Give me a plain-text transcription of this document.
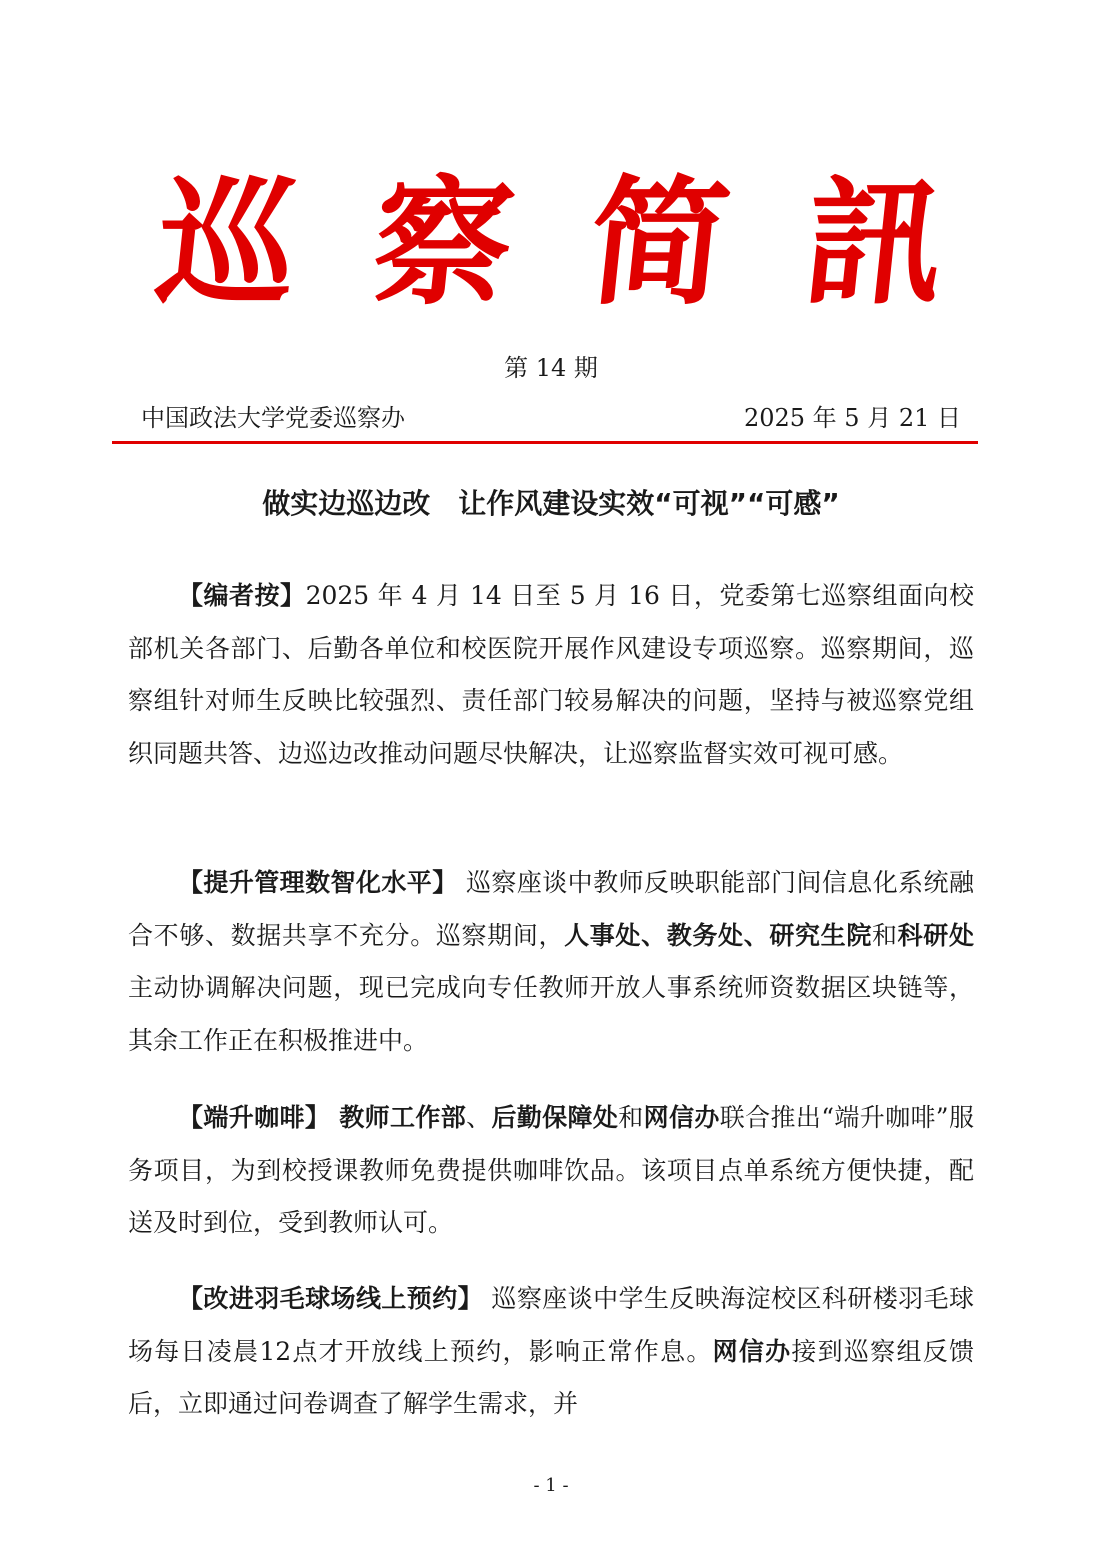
巡 察 简 訊
第 14 期
中国政法大学党委巡察办	2025 年 5 月 21 日
做实边巡边改　让作风建设实效“可视”“可感”

【编者按】2025 年 4 月 14 日至 5 月 16 日，党委第七巡察组面向校部机关各部门、后勤各单位和校医院开展作风建设专项巡察。巡察期间，巡察组针对师生反映比较强烈、责任部门较易解决的问题，坚持与被巡察党组织同题共答、边巡边改推动问题尽快解决，让巡察监督实效可视可感。

【提升管理数智化水平】 巡察座谈中教师反映职能部门间信息化系统融合不够、数据共享不充分。巡察期间，人事处、教务处、研究生院和科研处主动协调解决问题，现已完成向专任教师开放人事系统师资数据区块链等，其余工作正在积极推进中。

【端升咖啡】 教师工作部、后勤保障处和网信办联合推出“端升咖啡”服务项目，为到校授课教师免费提供咖啡饮品。该项目点单系统方便快捷，配送及时到位，受到教师认可。

【改进羽毛球场线上预约】 巡察座谈中学生反映海淀校区科研楼羽毛球场每日凌晨12点才开放线上预约，影响正常作息。网信办接到巡察组反馈后，立即通过问卷调查了解学生需求，并

- 1 -
